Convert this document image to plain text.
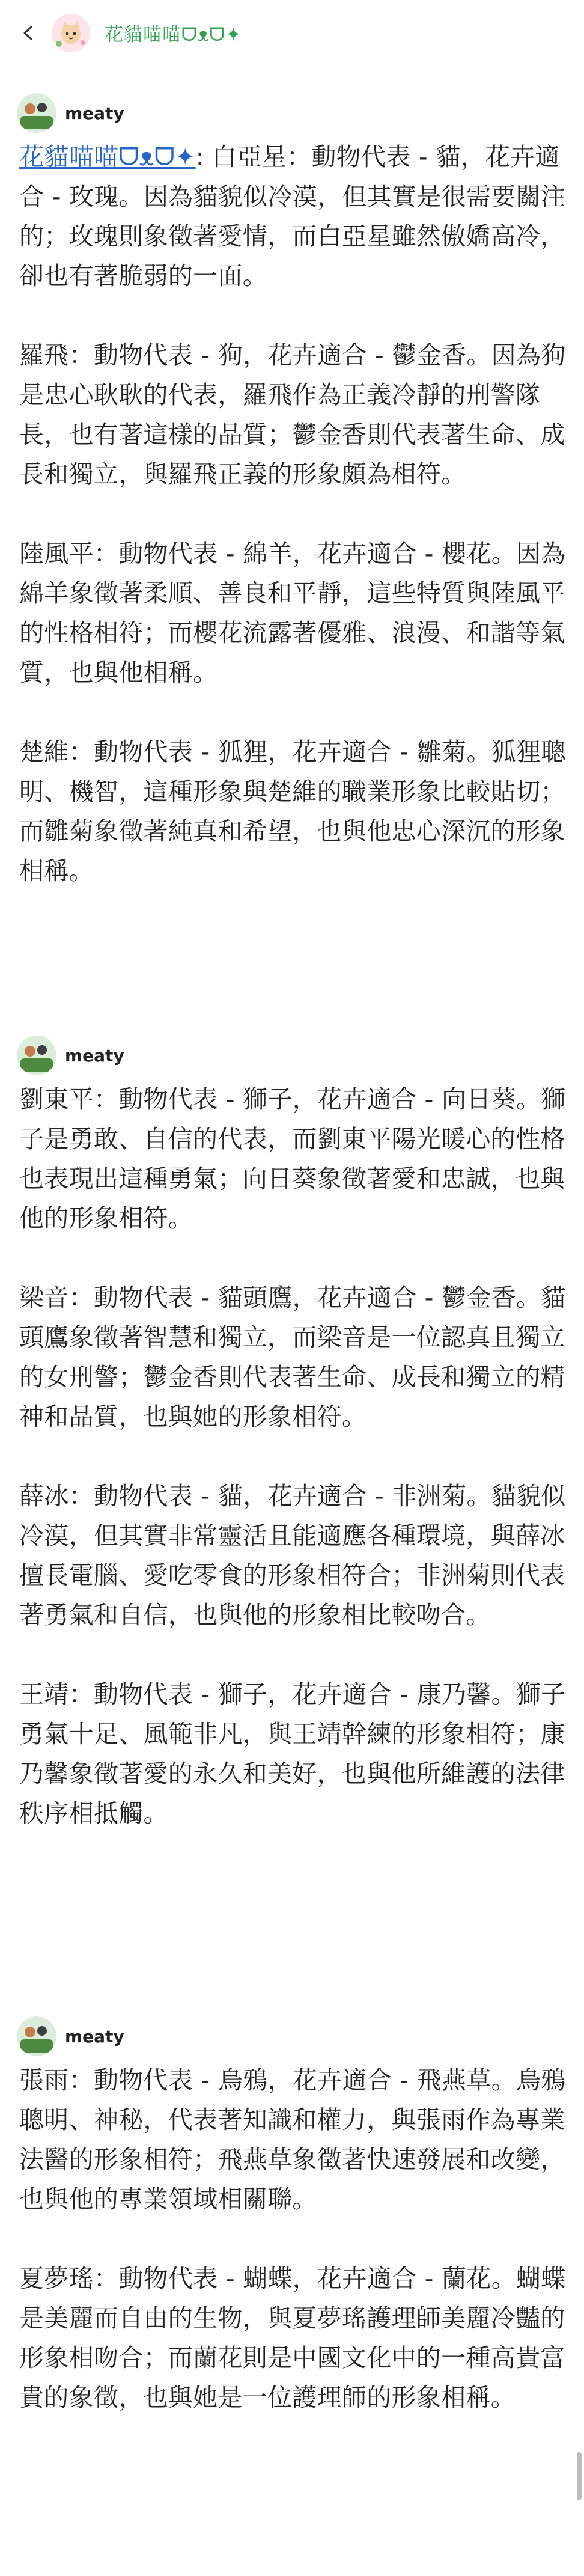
花貓喵喵ᗜᴥᗜ✦
meaty

花貓喵喵ᗜᴥᗜ✦: 白亞星：動物代表 - 貓，花卉適合 - 玫瑰。因為貓貌似冷漠，但其實是很需要關注的；玫瑰則象徵著愛情，而白亞星雖然傲嬌高冷，卻也有著脆弱的一面。

羅飛：動物代表 - 狗，花卉適合 - 鬱金香。因為狗是忠心耿耿的代表，羅飛作為正義冷靜的刑警隊長，也有著這樣的品質；鬱金香則代表著生命、成長和獨立，與羅飛正義的形象頗為相符。

陸風平：動物代表 - 綿羊，花卉適合 - 櫻花。因為綿羊象徵著柔順、善良和平靜，這些特質與陸風平的性格相符；而櫻花流露著優雅、浪漫、和諧等氣質，也與他相稱。

楚維：動物代表 - 狐狸，花卉適合 - 雛菊。狐狸聰明、機智，這種形象與楚維的職業形象比較貼切；而雛菊象徵著純真和希望，也與他忠心深沉的形象相稱。

meaty

劉東平：動物代表 - 獅子，花卉適合 - 向日葵。獅子是勇敢、自信的代表，而劉東平陽光暖心的性格也表現出這種勇氣；向日葵象徵著愛和忠誠，也與他的形象相符。

梁音：動物代表 - 貓頭鷹，花卉適合 - 鬱金香。貓頭鷹象徵著智慧和獨立，而梁音是一位認真且獨立的女刑警；鬱金香則代表著生命、成長和獨立的精神和品質，也與她的形象相符。

薛冰：動物代表 - 貓，花卉適合 - 非洲菊。貓貌似冷漠，但其實非常靈活且能適應各種環境，與薛冰擅長電腦、愛吃零食的形象相符合；非洲菊則代表著勇氣和自信，也與他的形象相比較吻合。

王靖：動物代表 - 獅子，花卉適合 - 康乃馨。獅子勇氣十足、風範非凡，與王靖幹練的形象相符；康乃馨象徵著愛的永久和美好，也與他所維護的法律秩序相抵觸。

meaty

張雨：動物代表 - 烏鴉，花卉適合 - 飛燕草。烏鴉聰明、神秘，代表著知識和權力，與張雨作為專業法醫的形象相符；飛燕草象徵著快速發展和改變，也與他的專業領域相關聯。

夏夢瑤：動物代表 - 蝴蝶，花卉適合 - 蘭花。蝴蝶是美麗而自由的生物，與夏夢瑤護理師美麗冷豔的形象相吻合；而蘭花則是中國文化中的一種高貴富貴的象徵，也與她是一位護理師的形象相稱。
